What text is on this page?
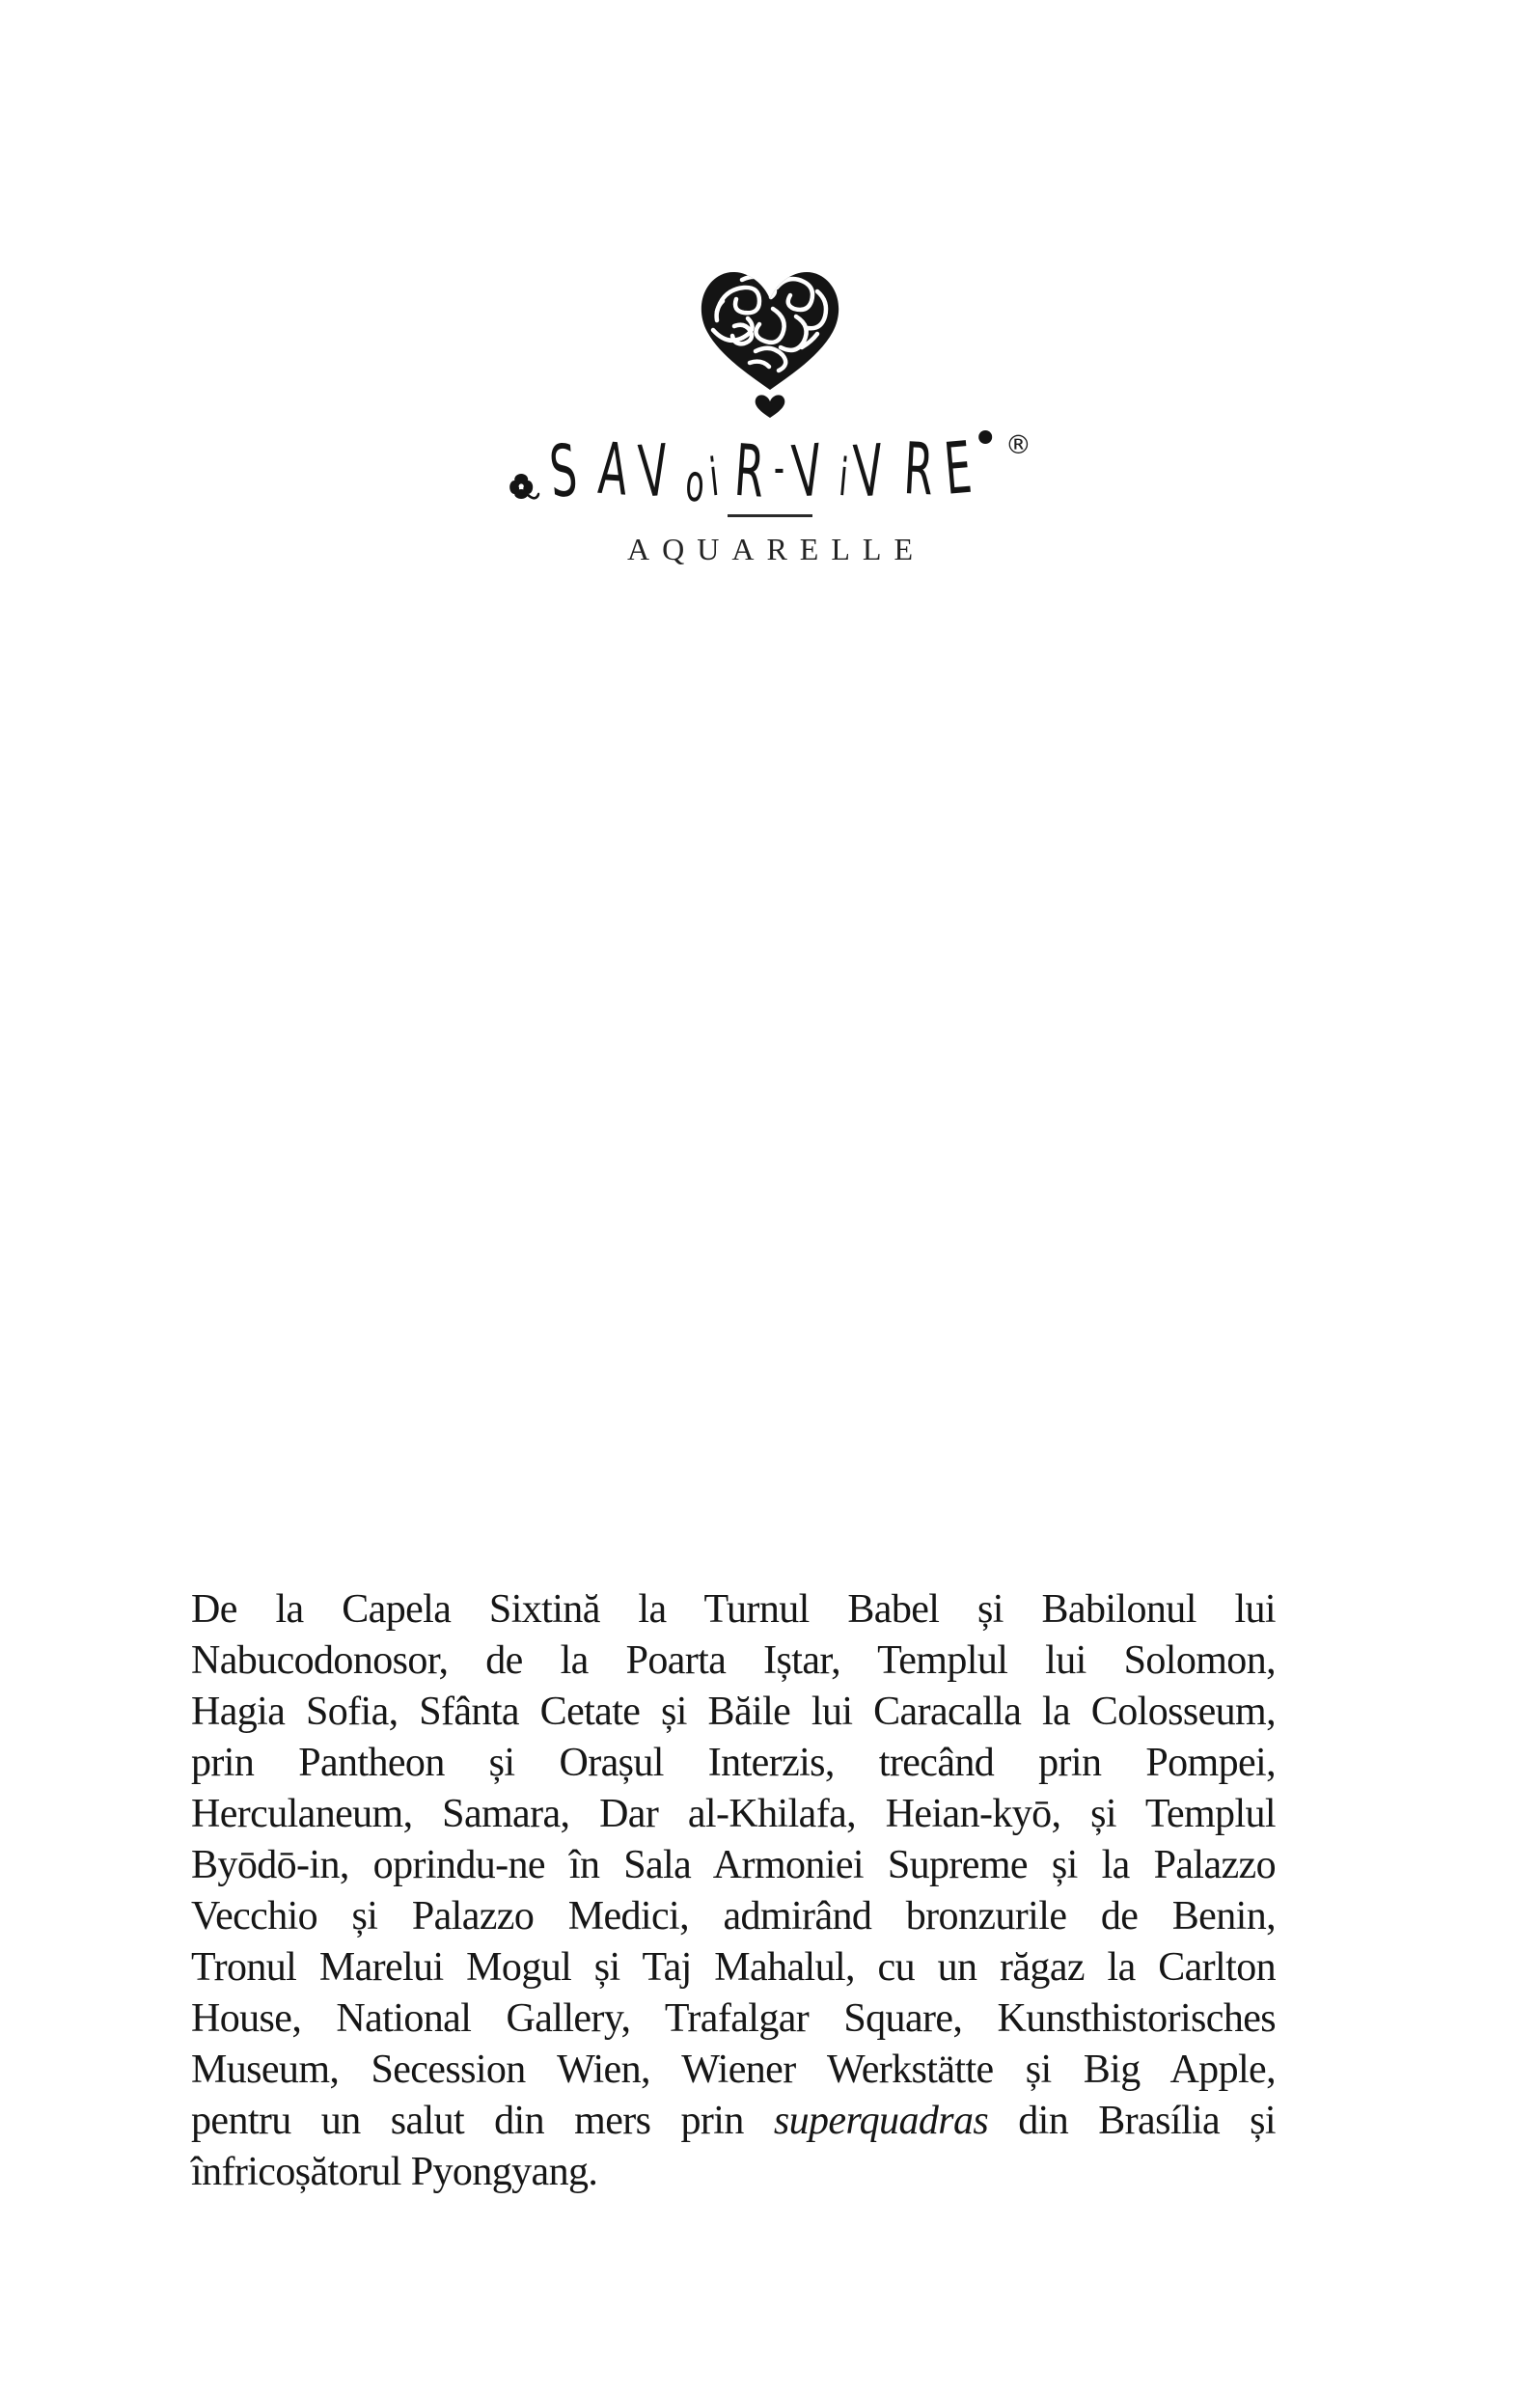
S A V o i R - V i V R E ®
AQUARELLE
De la Capela Sixtină la Turnul Babel și Babilonul lui
Nabucodonosor, de la Poarta Iștar, Templul lui Solomon,
Hagia Sofia, Sfânta Cetate și Băile lui Caracalla la Colosseum,
prin Pantheon și Orașul Interzis, trecând prin Pompei,
Herculaneum, Samara, Dar al-Khilafa, Heian-kyō, și Templul
Byōdō-in, oprindu-ne în Sala Armoniei Supreme și la Palazzo
Vecchio și Palazzo Medici, admirând bronzurile de Benin,
Tronul Marelui Mogul și Taj Mahalul, cu un răgaz la Carlton
House, National Gallery, Trafalgar Square, Kunsthistorisches
Museum, Secession Wien, Wiener Werkstätte și Big Apple,
pentru un salut din mers prin superquadras din Brasília și
înfricoșătorul Pyongyang.
